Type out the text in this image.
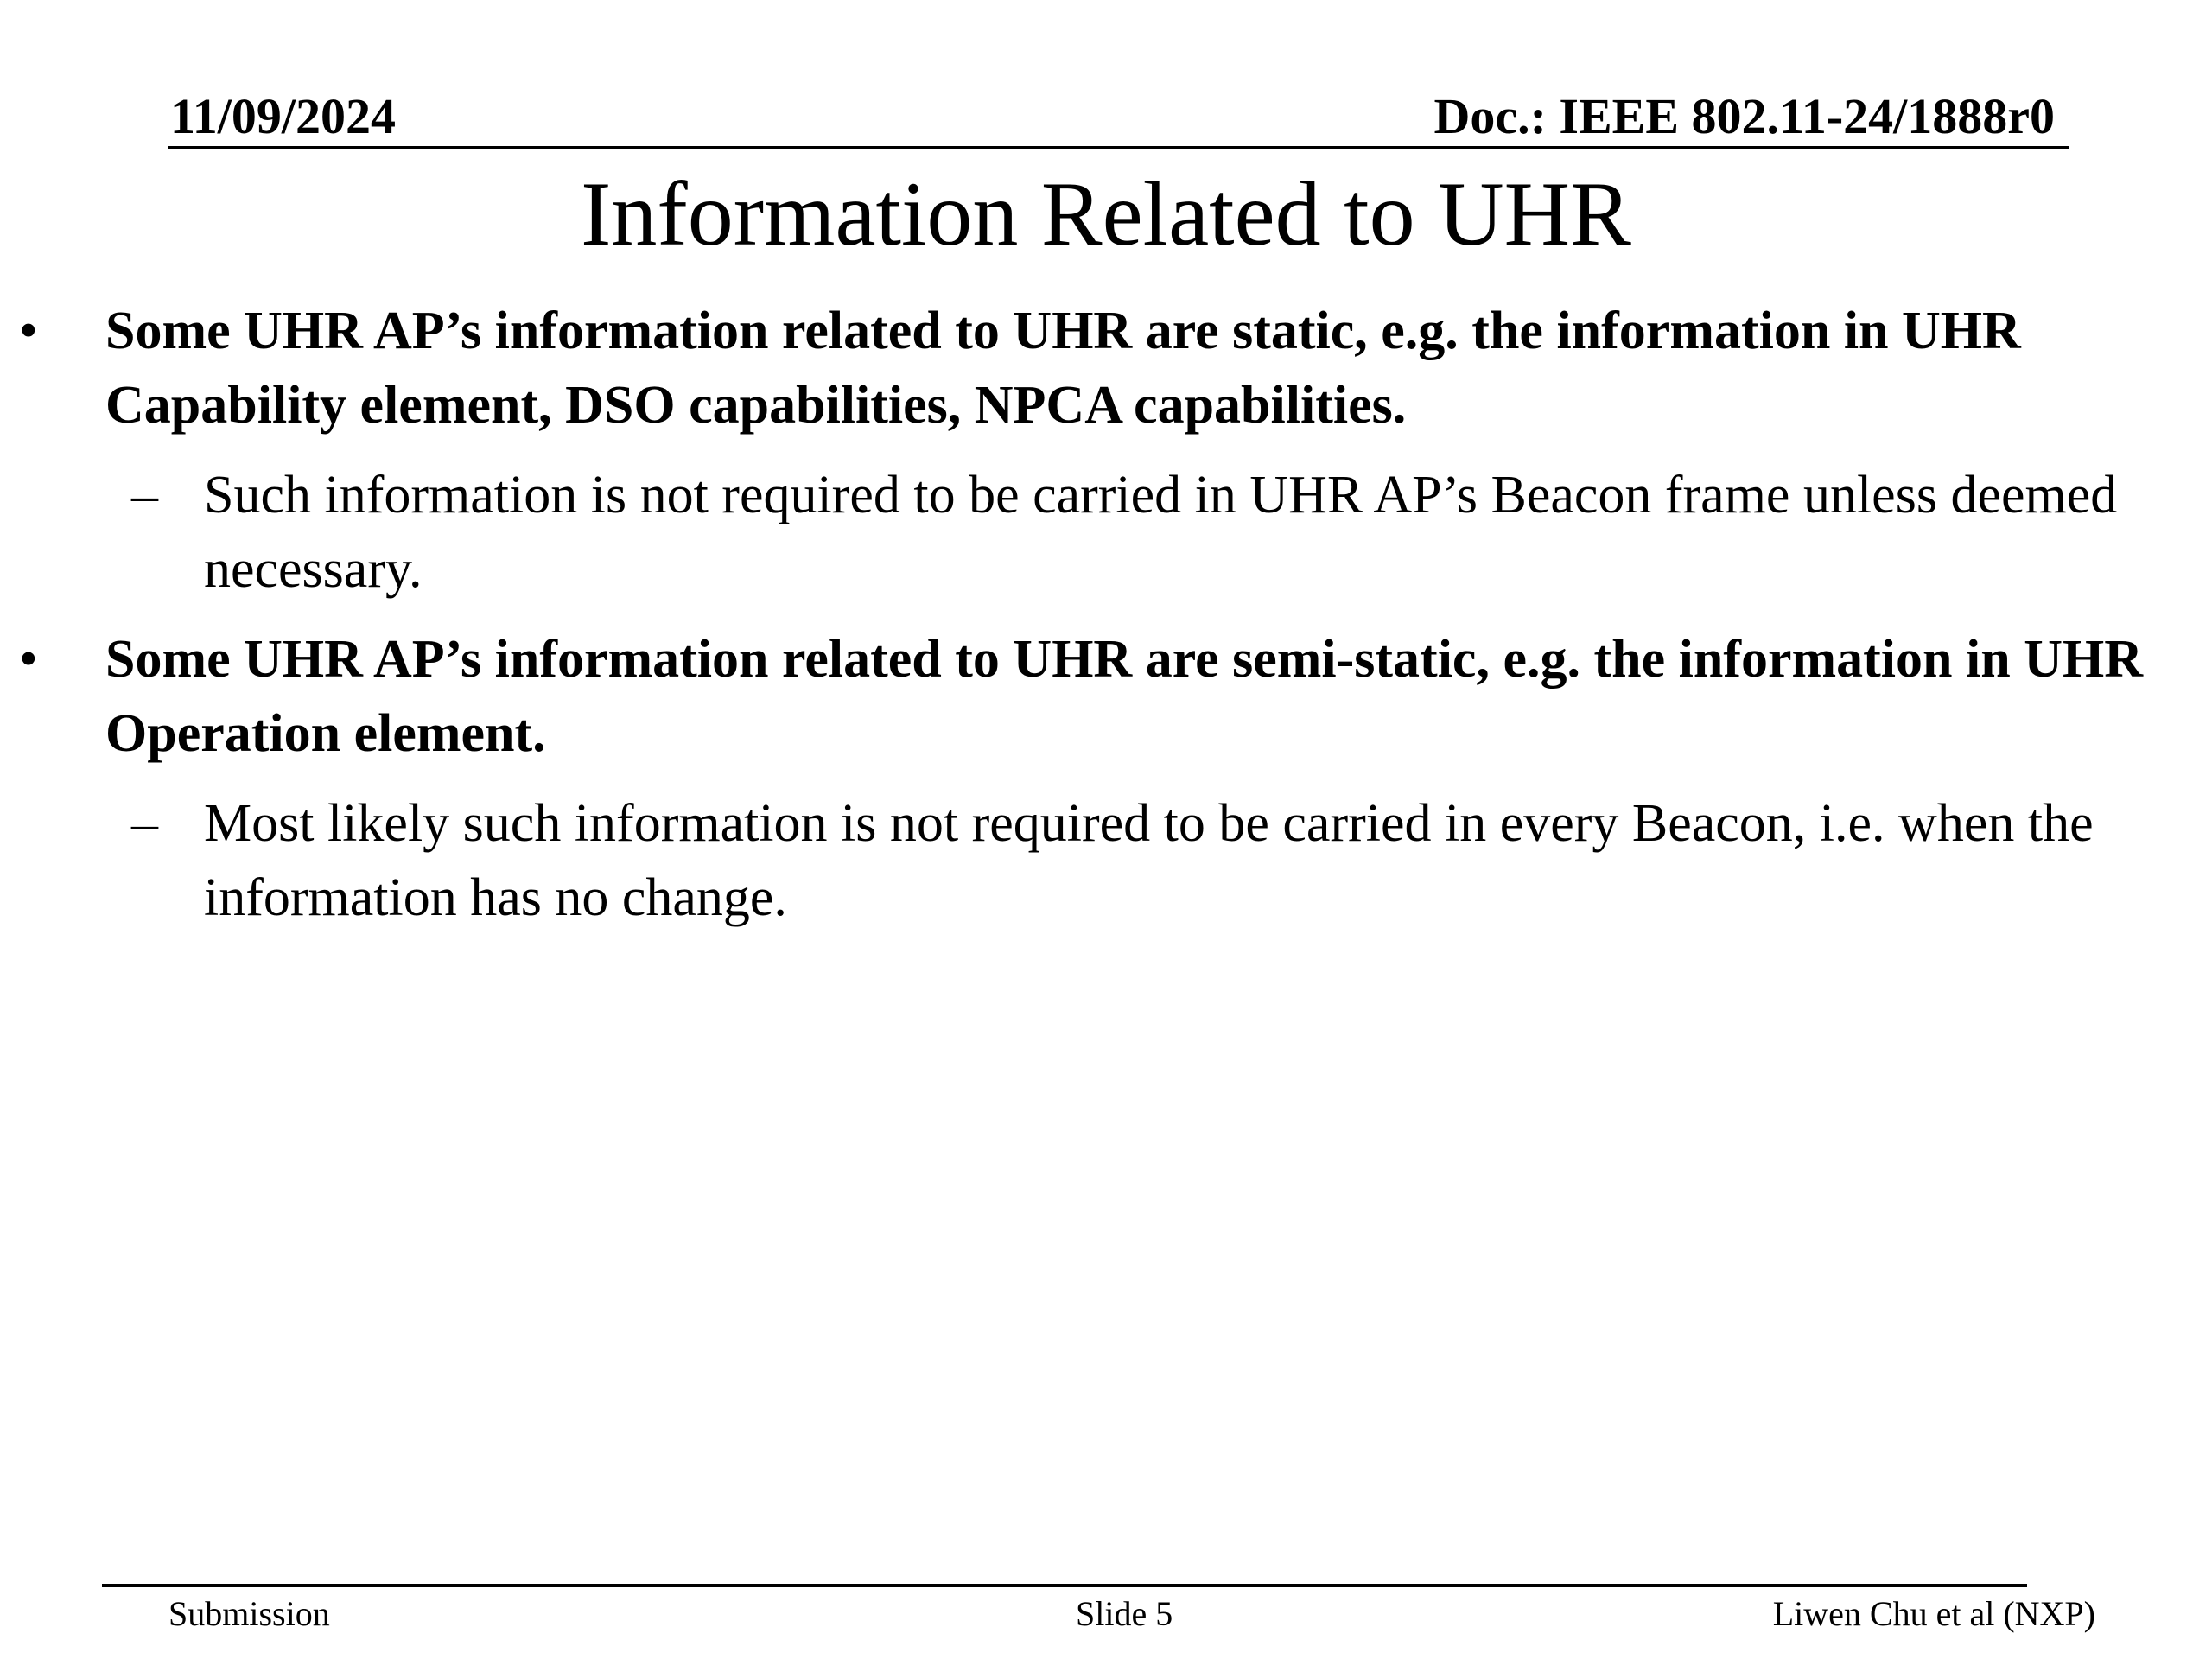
11/09/2024	Doc.: IEEE 802.11-24/1888r0
Information Related to UHR
• Some UHR AP’s information related to UHR are static, e.g. the information in UHR Capability element, DSO capabilities, NPCA capabilities.
– Such information is not required to be carried in UHR AP’s Beacon frame unless deemed necessary.
• Some UHR AP’s information related to UHR are semi-static, e.g. the information in UHR Operation element.
– Most likely such information is not required to be carried in every Beacon, i.e. when the information has no change.
Submission	Slide 5	Liwen Chu et al (NXP)
